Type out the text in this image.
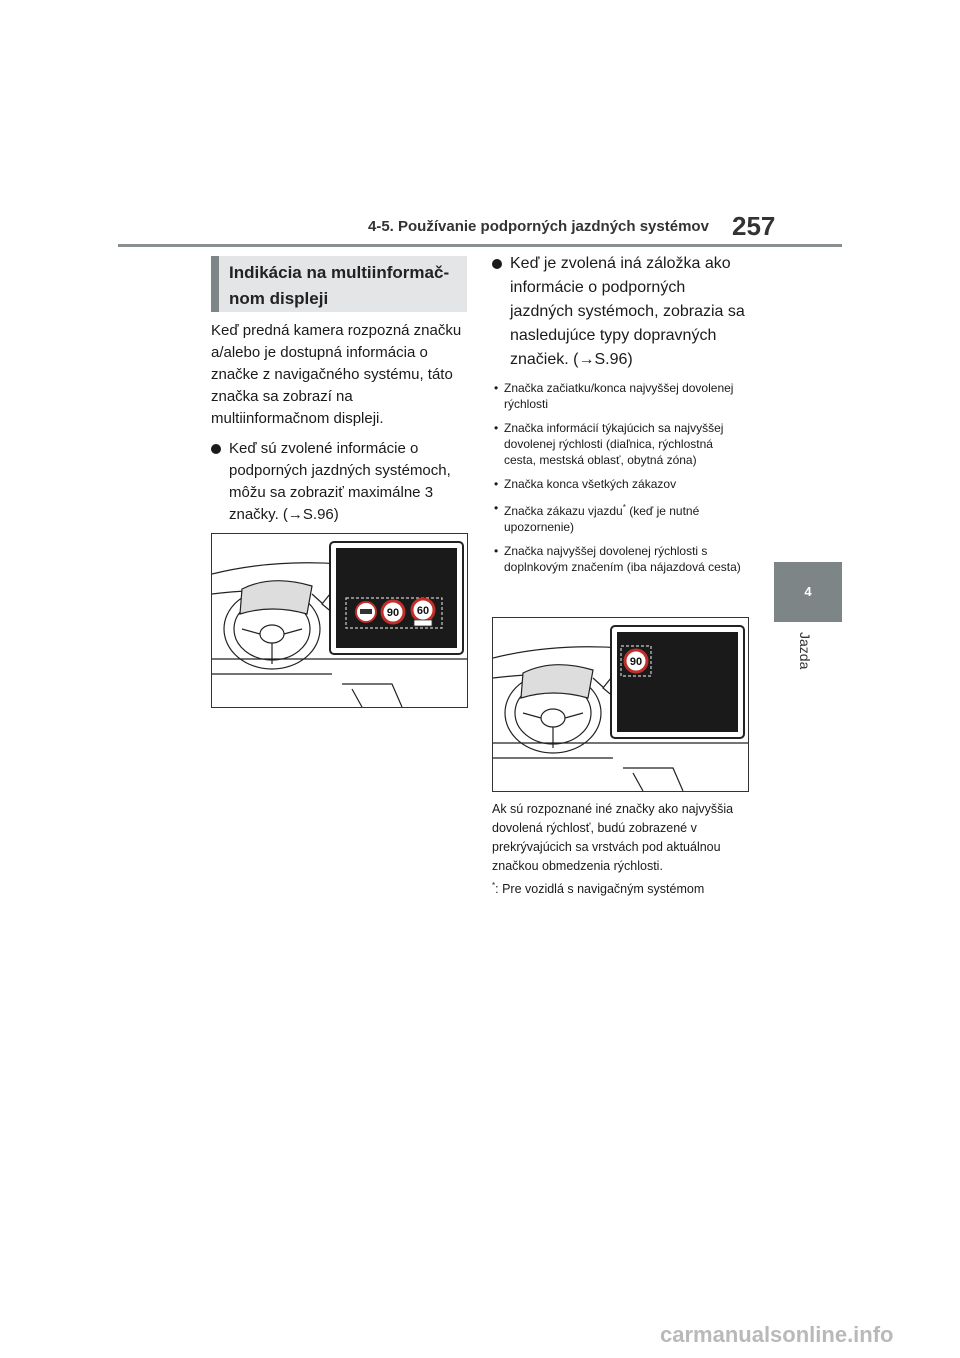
4-5. Používanie podporných jazdných systémov 257
4
Jazda
Indikácia na multiinformač-nom displeji

Keď predná kamera rozpozná značku a/alebo je dostupná informácia o značke z navigačného systému, táto značka sa zobrazí na multiinformačnom displeji.

Keď sú zvolené informácie o podporných jazdných systémoch, môžu sa zobraziť maximálne 3 značky. (→S.96)
Keď je zvolená iná záložka ako informácie o podporných jazdných systémoch, zobrazia sa nasledujúce typy dopravných značiek. (→S.96)
• Značka začiatku/konca najvyššej dovolenej rýchlosti
• Značka informácií týkajúcich sa najvyššej dovolenej rýchlosti (diaľnica, rýchlostná cesta, mestská oblasť, obytná zóna)
• Značka konca všetkých zákazov
• Značka zákazu vjazdu* (keď je nutné upozornenie)
• Značka najvyššej dovolenej rýchlosti s doplnkovým značením (iba nájazdová cesta)
90 60
90
Ak sú rozpoznané iné značky ako najvyššia dovolená rýchlosť, budú zobrazené v prekrývajúcich sa vrstvách pod aktuálnou značkou obmedzenia rýchlosti.
*: Pre vozidlá s navigačným systémom
carmanualsonline.info
